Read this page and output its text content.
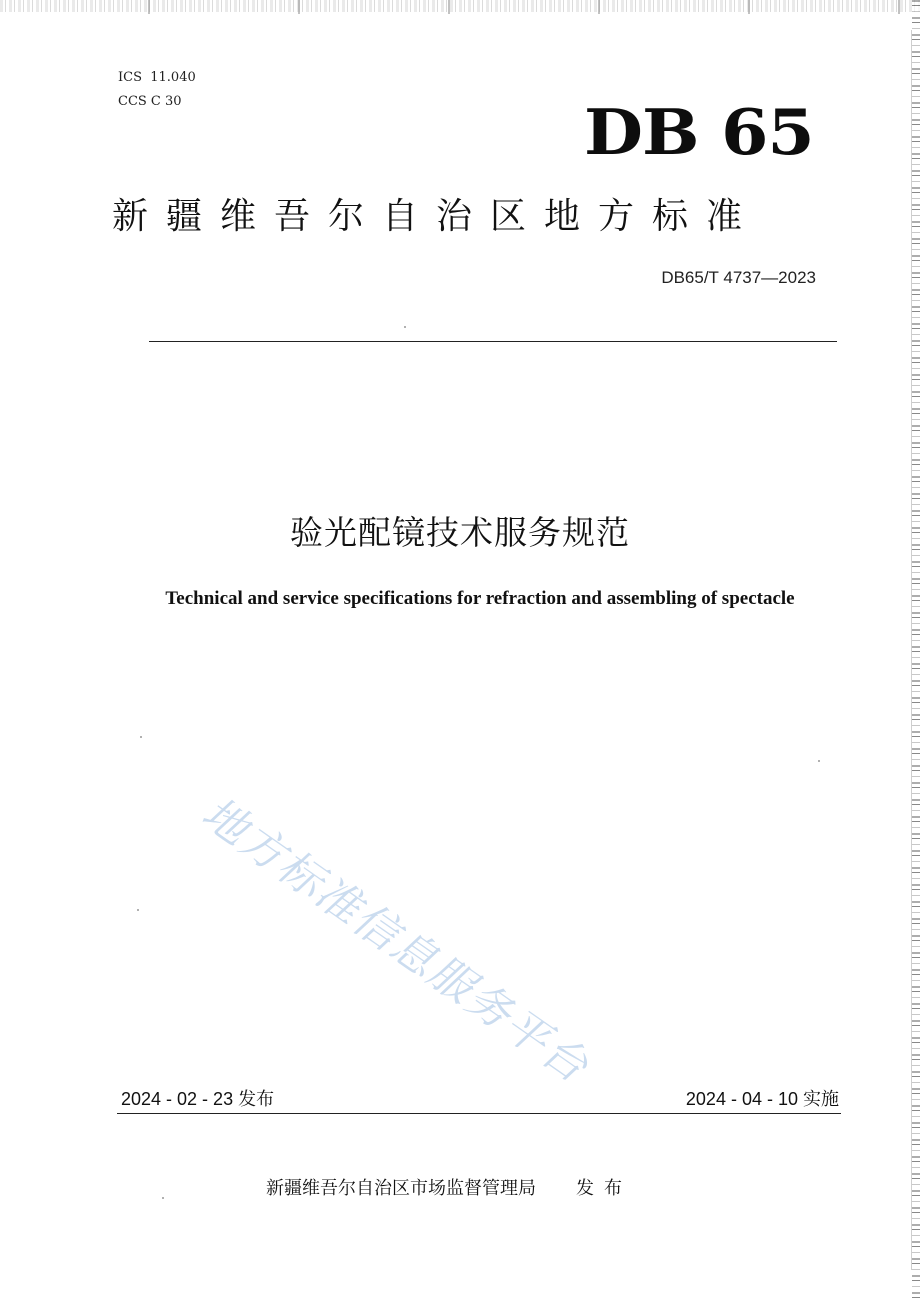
ICS  11.040
CCS C 30	DB 65
新疆维吾尔自治区地方标准
DB65/T 4737—2023
验光配镜技术服务规范
Technical and service specifications for refraction and assembling of spectacle
地方标准信息服务平台
2024 - 02 - 23 发布	2024 - 04 - 10 实施
新疆维吾尔自治区市场监督管理局 发布
